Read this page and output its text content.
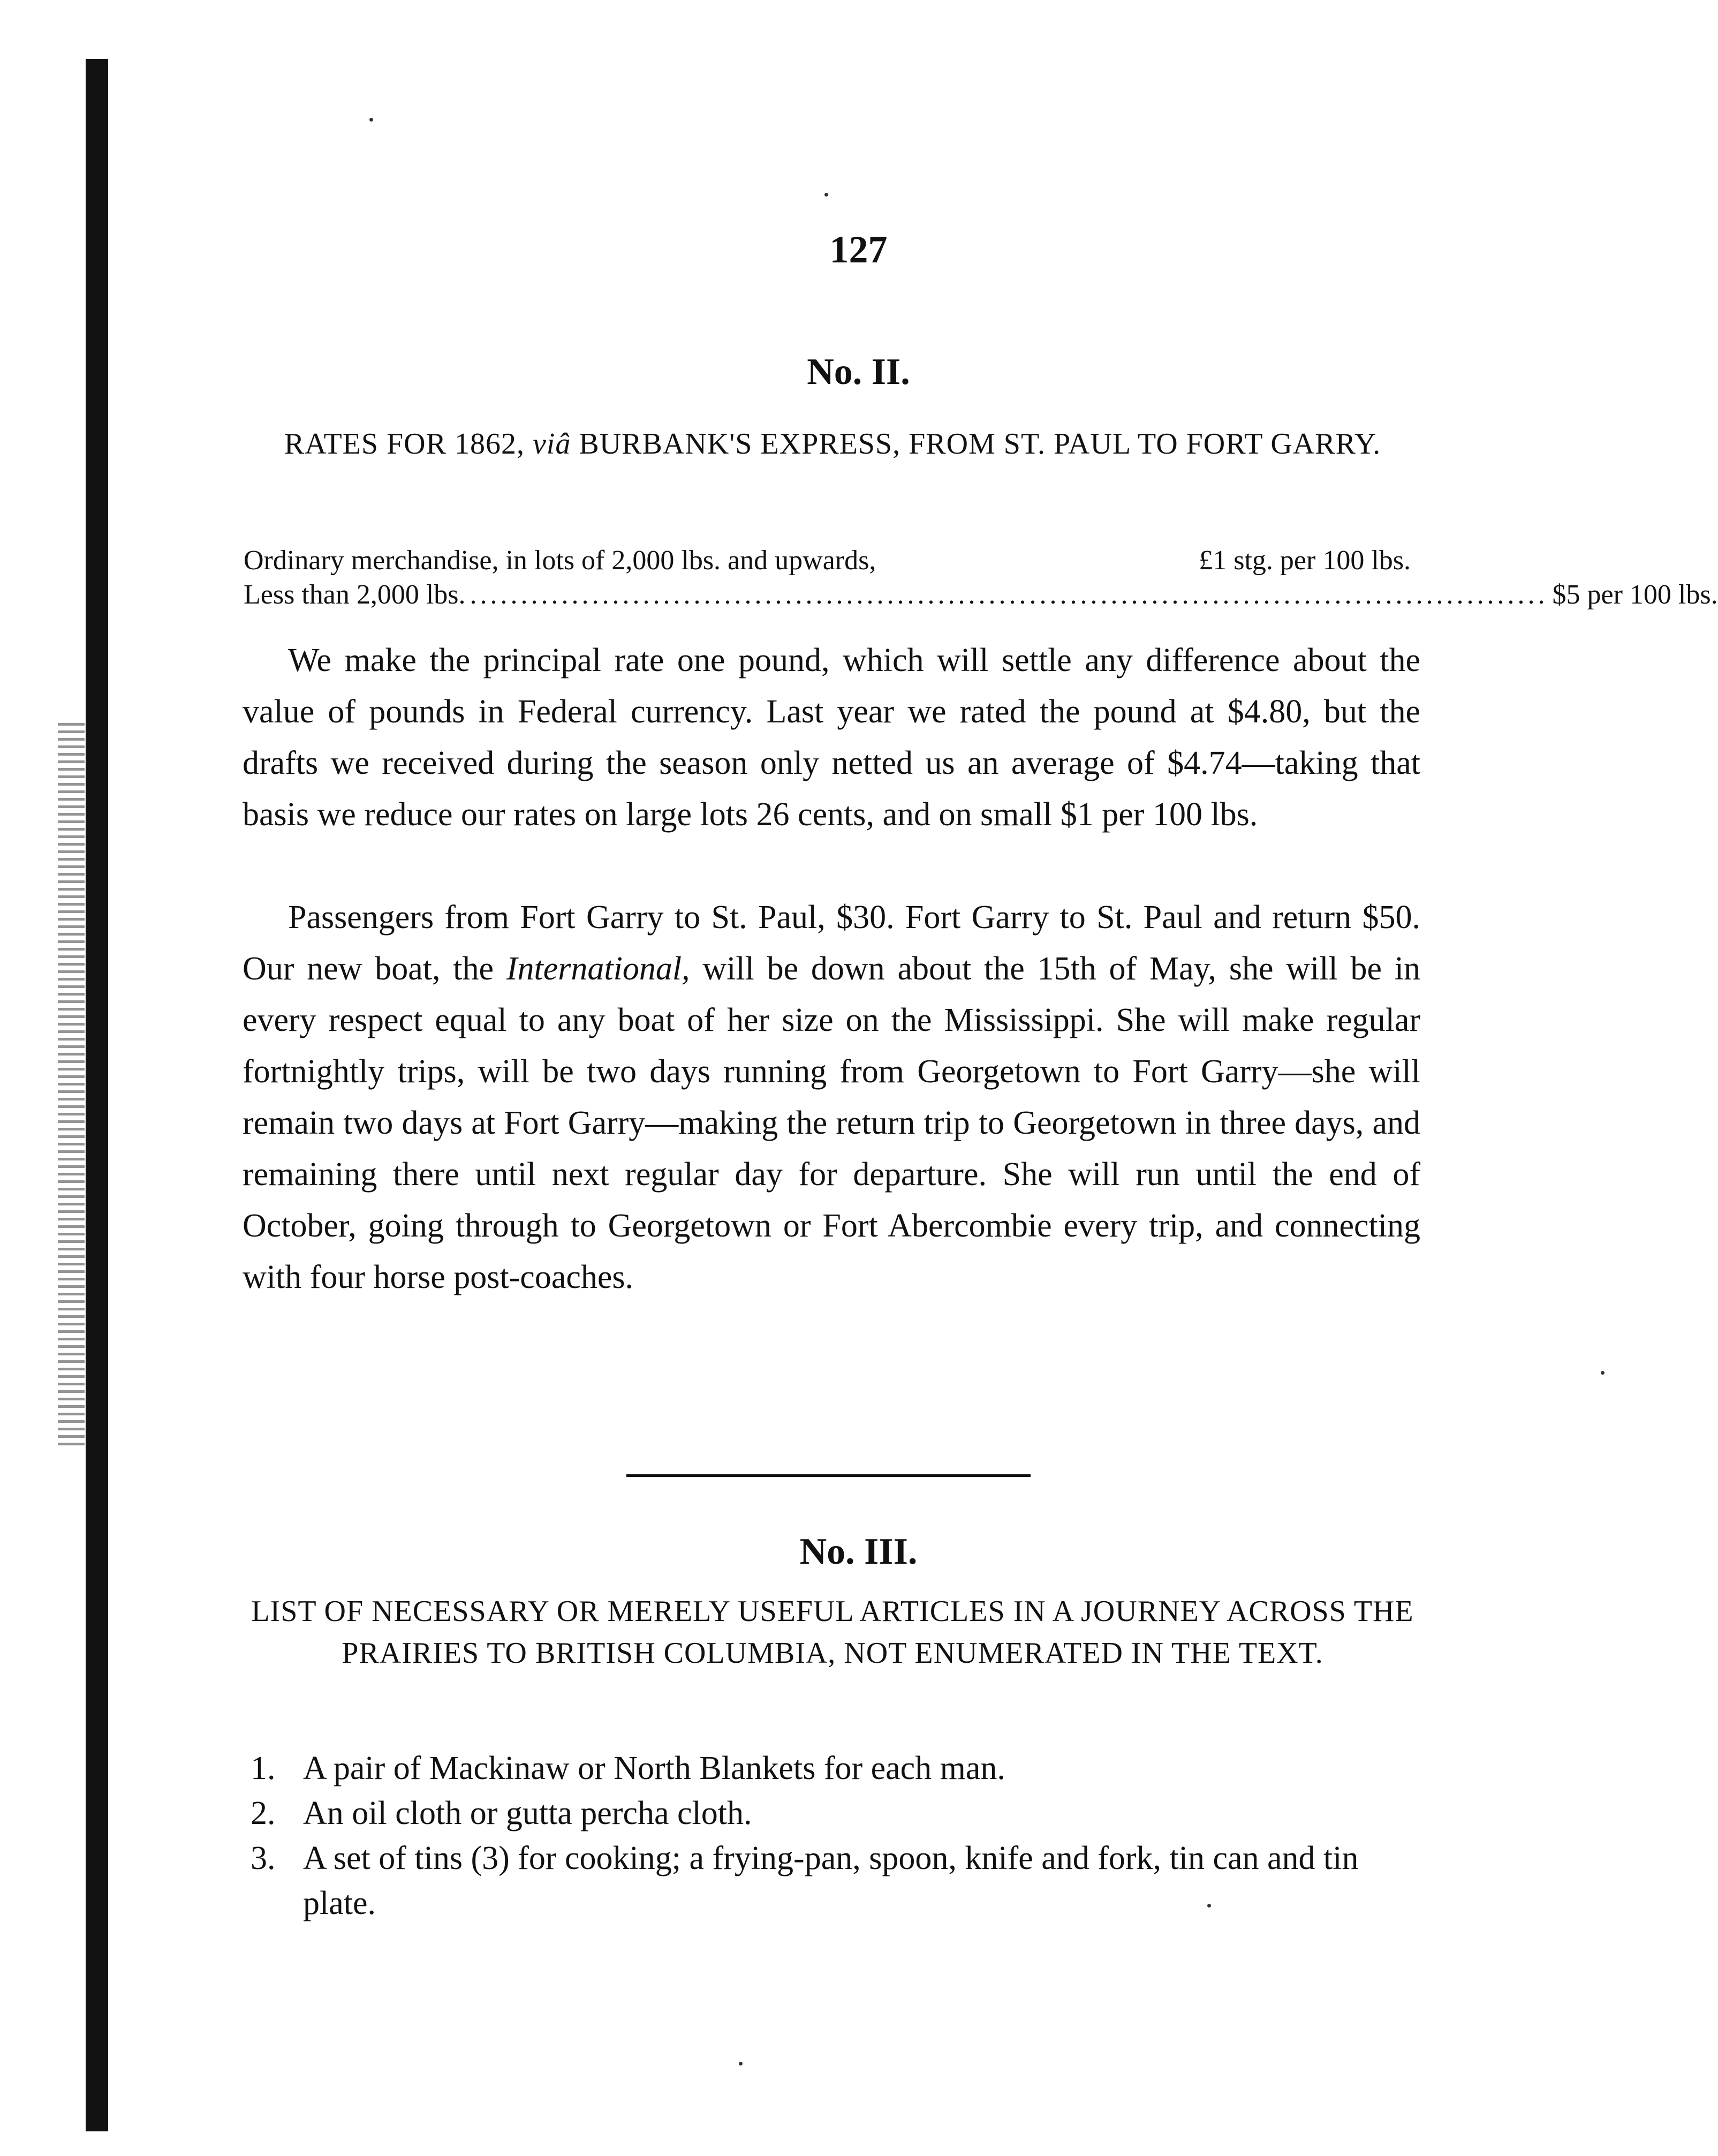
127
No. II.
RATES FOR 1862, viâ BURBANK'S EXPRESS, FROM ST. PAUL TO FORT GARRY.
Ordinary merchandise, in lots of 2,000 lbs. and upwards,	£1 stg. per 100 lbs.
Less than 2,000 lbs. .......................................................................................................... $5 per 100 lbs.

We make the principal rate one pound, which will settle any difference about the value of pounds in Federal currency. Last year we rated the pound at $4.80, but the drafts we received during the season only netted us an average of $4.74—taking that basis we reduce our rates on large lots 26 cents, and on small $1 per 100 lbs.

Passengers from Fort Garry to St. Paul, $30. Fort Garry to St. Paul and return $50. Our new boat, the International, will be down about the 15th of May, she will be in every respect equal to any boat of her size on the Mississippi. She will make regular fortnightly trips, will be two days running from Georgetown to Fort Garry—she will remain two days at Fort Garry—making the return trip to Georgetown in three days, and remaining there until next regular day for departure. She will run until the end of October, going through to Georgetown or Fort Abercombie every trip, and connecting with four horse post-coaches.

No. III.
LIST OF NECESSARY OR MERELY USEFUL ARTICLES IN A JOURNEY ACROSS THE PRAIRIES TO BRITISH COLUMBIA, NOT ENUMERATED IN THE TEXT.
1. A pair of Mackinaw or North Blankets for each man.
2. An oil cloth or gutta percha cloth.
3. A set of tins (3) for cooking; a frying-pan, spoon, knife and fork, tin can and tin plate.
